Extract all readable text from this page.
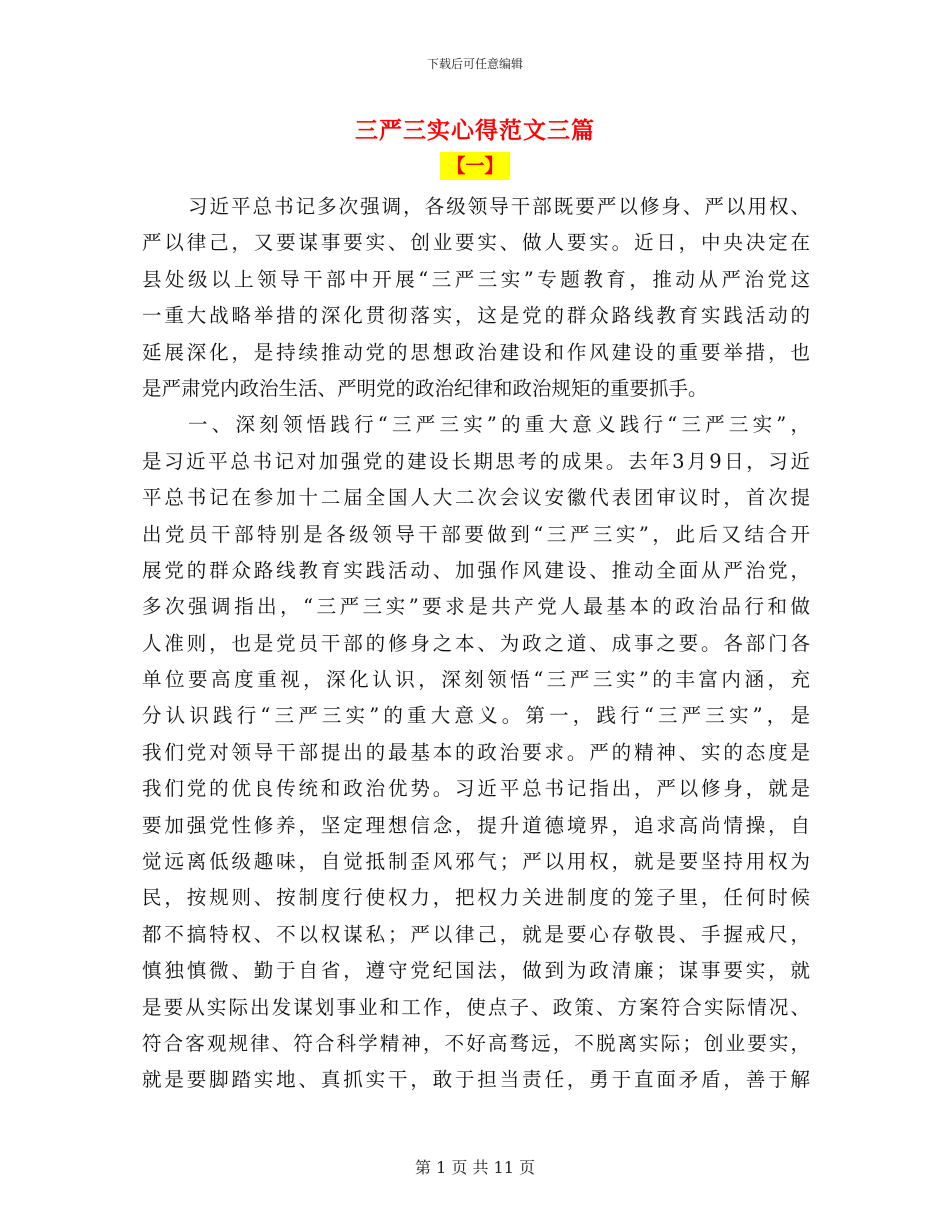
下载后可任意编辑
三严三实心得范文三篇
【一】
习近平总书记多次强调，各级领导干部既要严以修身、严以用权、
严以律己，又要谋事要实、创业要实、做人要实。近日，中央决定在
县处级以上领导干部中开展“三严三实”专题教育，推动从严治党这
一重大战略举措的深化贯彻落实，这是党的群众路线教育实践活动的
延展深化，是持续推动党的思想政治建设和作风建设的重要举措，也
是严肃党内政治生活、严明党的政治纪律和政治规矩的重要抓手。
一、深刻领悟践行“三严三实”的重大意义践行“三严三实”，
是习近平总书记对加强党的建设长期思考的成果。去年3月9日，习近
平总书记在参加十二届全国人大二次会议安徽代表团审议时，首次提
出党员干部特别是各级领导干部要做到“三严三实”，此后又结合开
展党的群众路线教育实践活动、加强作风建设、推动全面从严治党，
多次强调指出，“三严三实”要求是共产党人最基本的政治品行和做
人准则，也是党员干部的修身之本、为政之道、成事之要。各部门各
单位要高度重视，深化认识，深刻领悟“三严三实”的丰富内涵，充
分认识践行“三严三实”的重大意义。第一，践行“三严三实”，是
我们党对领导干部提出的最基本的政治要求。严的精神、实的态度是
我们党的优良传统和政治优势。习近平总书记指出，严以修身，就是
要加强党性修养，坚定理想信念，提升道德境界，追求高尚情操，自
觉远离低级趣味，自觉抵制歪风邪气；严以用权，就是要坚持用权为
民，按规则、按制度行使权力，把权力关进制度的笼子里，任何时候
都不搞特权、不以权谋私；严以律己，就是要心存敬畏、手握戒尺，
慎独慎微、勤于自省，遵守党纪国法，做到为政清廉；谋事要实，就
是要从实际出发谋划事业和工作，使点子、政策、方案符合实际情况、
符合客观规律、符合科学精神，不好高骛远，不脱离实际；创业要实，
就是要脚踏实地、真抓实干，敢于担当责任，勇于直面矛盾，善于解
第 1 页 共 11 页
